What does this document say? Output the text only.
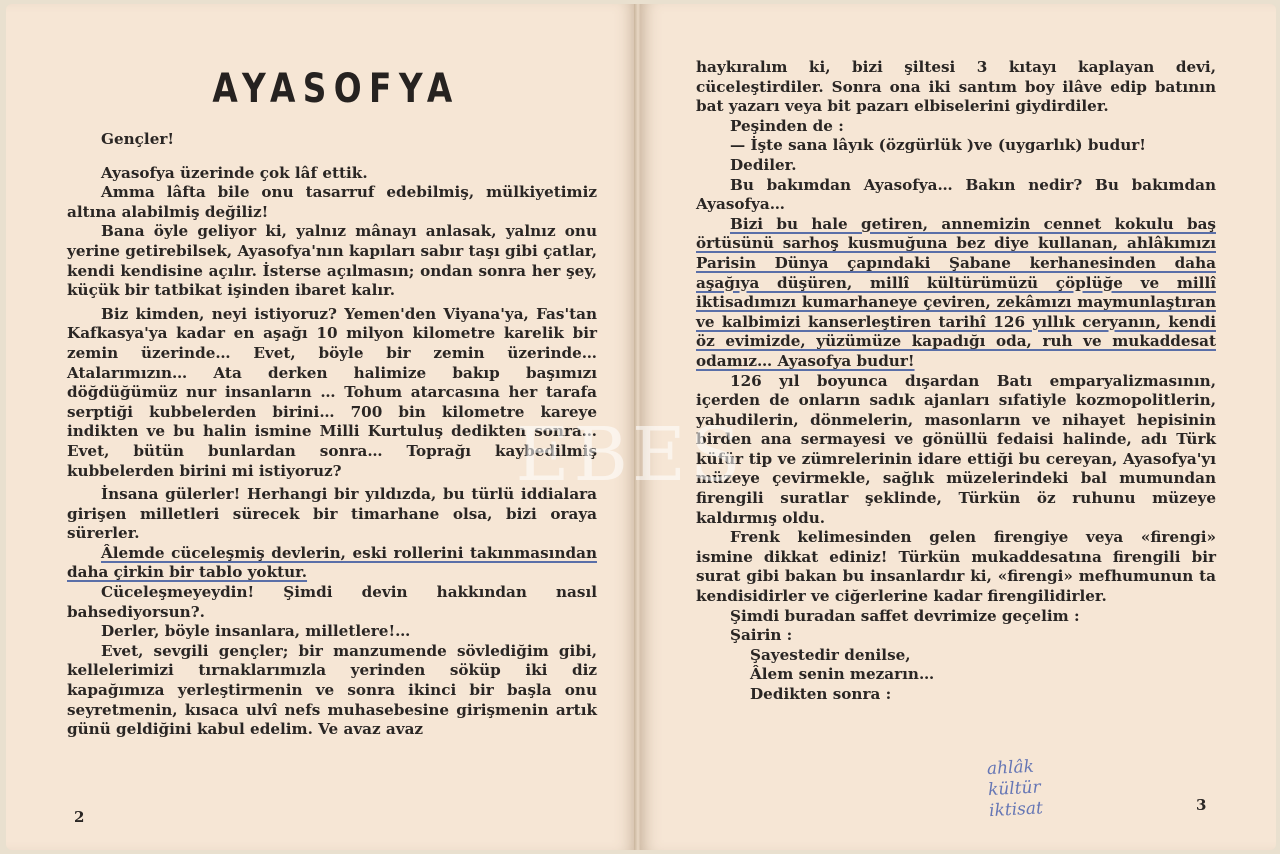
AYASOFYA

Gençler!

Ayasofya üzerinde çok lâf ettik.

Amma lâfta bile onu tasarruf edebilmiş, mülkiyetimiz altına alabilmiş değiliz!

Bana öyle geliyor ki, yalnız mânayı anlasak, yalnız onu yerine getirebilsek, Ayasofya'nın kapıları sabır taşı gibi çatlar, kendi kendisine açılır. İsterse açılmasın; ondan sonra her şey, küçük bir tatbikat işinden ibaret kalır.

Biz kimden, neyi istiyoruz? Yemen'den Viyana'ya, Fas'tan Kafkasya'ya kadar en aşağı 10 milyon kilometre karelik bir zemin üzerinde… Evet, böyle bir zemin üzerinde… Atalarımızın… Ata derken halimize bakıp başımızı döğdüğümüz nur insanların … Tohum atarcasına her tarafa serptiği kubbelerden birini… 700 bin kilometre kareye indikten ve bu halin ismine Milli Kurtuluş dedikten sonra… Evet, bütün bunlardan sonra… Toprağı kaybedilmiş kubbelerden birini mi istiyoruz?

İnsana gülerler! Herhangi bir yıldızda, bu türlü iddialara girişen milletleri sürecek bir timarhane olsa, bizi oraya sürerler.

Âlemde cüceleşmiş devlerin, eski rollerini takınmasından daha çirkin bir tablo yoktur.

Cüceleşmeyeydin! Şimdi devin hakkından nasıl bahsediyorsun?.

Derler, böyle insanlara, milletlere!…

Evet, sevgili gençler; bir manzumende sövlediğim gibi, kellelerimizi tırnaklarımızla yerinden söküp iki diz kapağımıza yerleştirmenin ve sonra ikinci bir başla onu seyretmenin, kısaca ulvî nefs muhasebesine girişmenin artık günü geldiğini kabul edelim. Ve avaz avaz

2

haykıralım ki, bizi şiltesi 3 kıtayı kaplayan devi, cüceleştirdiler. Sonra ona iki santım boy ilâve edip batının bat yazarı veya bit pazarı elbiselerini giydirdiler.

Peşinden de :

— İşte sana lâyık (özgürlük )ve (uygarlık) budur!

Dediler.

Bu bakımdan Ayasofya… Bakın nedir? Bu bakımdan Ayasofya…

Bizi bu hale getiren, annemizin cennet kokulu baş örtüsünü sarhoş kusmuğuna bez diye kullanan, ahlâkımızı Parisin Dünya çapındaki Şabane kerhanesinden daha aşağıya düşüren, millî kültürümüzü çöplüğe ve millî iktisadımızı kumarhaneye çeviren, zekâmızı maymunlaştıran ve kalbimizi kanserleştiren tarihî 126 yıllık ceryanın, kendi öz evimizde, yüzümüze kapadığı oda, ruh ve mukaddesat odamız… Ayasofya budur!

126 yıl boyunca dışardan Batı emparyalizmasının, içerden de onların sadık ajanları sıfatiyle kozmopolitlerin, yahudilerin, dönmelerin, masonların ve nihayet hepisinin birden ana sermayesi ve gönüllü fedaisi halinde, adı Türk küfür tip ve zümrelerinin idare ettiği bu cereyan, Ayasofya'yı müzeye çevirmekle, sağlık müzelerindeki bal mumundan firengili suratlar şeklinde, Türkün öz ruhunu müzeye kaldırmış oldu.

Frenk kelimesinden gelen firengiye veya «firengi» ismine dikkat ediniz! Türkün mukaddesatına firengili bir surat gibi bakan bu insanlardır ki, «firengi» mefhumunun ta kendisidirler ve ciğerlerine kadar firengilidirler.

Şimdi buradan saffet devrimize geçelim :

Şairin :

Şayestedir denilse,

Âlem senin mezarın…

Dedikten sonra :

ahlâk
kültür
iktisat	3
EBES
